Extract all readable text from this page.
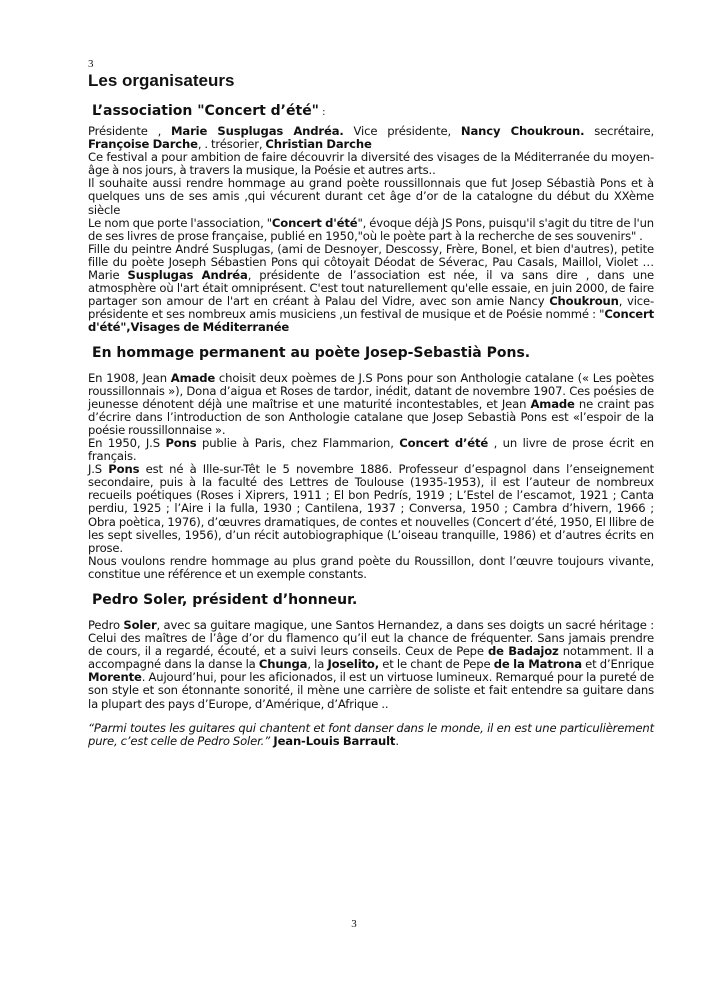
3
Les organisateurs
L’association "Concert d’été" :

Présidente , Marie Susplugas Andréa. Vice présidente, Nancy Choukroun. secrétaire, Françoise Darche, . trésorier, Christian Darche

Ce festival a pour ambition de faire découvrir la diversité des visages de la Méditerranée du moyen-âge à nos jours, à travers la musique, la Poésie et autres arts..

Il souhaite aussi rendre hommage au grand poète roussillonnais que fut Josep Sébastià Pons et à quelques uns de ses amis ,qui vécurent durant cet âge d’or de la catalogne du début du XXème siècle

Le nom que porte l'association, "Concert d'été", évoque déjà JS Pons, puisqu'il s'agit du titre de l'un de ses livres de prose française, publié en 1950,"où le poète part à la recherche de ses souvenirs" .

Fille du peintre André Susplugas, (ami de Desnoyer, Descossy, Frère, Bonel, et bien d'autres), petite fille du poète Joseph Sébastien Pons qui côtoyait Déodat de Séverac, Pau Casals, Maillol, Violet … Marie Susplugas Andréa, présidente de l’association est née, il va sans dire , dans une atmosphère où l'art était omniprésent. C'est tout naturellement qu'elle essaie, en juin 2000, de faire partager son amour de l'art en créant à Palau del Vidre, avec son amie Nancy Choukroun, vice-présidente et ses nombreux amis musiciens ,un festival de musique et de Poésie nommé : "Concert d'été",Visages de Méditerranée

En hommage permanent au poète Josep-Sebastià Pons.

En 1908, Jean Amade choisit deux poèmes de J.S Pons pour son Anthologie catalane (« Les poètes roussillonnais »), Dona d’aigua et Roses de tardor, inédit, datant de novembre 1907. Ces poésies de jeunesse dénotent déjà une maîtrise et une maturité incontestables, et Jean Amade ne craint pas d’écrire dans l’introduction de son Anthologie catalane que Josep Sebastià Pons est «l’espoir de la poésie roussillonnaise ».

En 1950, J.S Pons publie à Paris, chez Flammarion, Concert d’été , un livre de prose écrit en français.

J.S Pons est né à Ille-sur-Têt le 5 novembre 1886. Professeur d’espagnol dans l’enseignement secondaire, puis à la faculté des Lettres de Toulouse (1935-1953), il est l’auteur de nombreux recueils poétiques (Roses i Xiprers, 1911 ; El bon Pedrís, 1919 ; L’Estel de l’escamot, 1921 ; Canta perdiu, 1925 ; l’Aire i la fulla, 1930 ; Cantilena, 1937 ; Conversa, 1950 ; Cambra d’hivern, 1966 ; Obra poètica, 1976), d’œuvres dramatiques, de contes et nouvelles (Concert d’été, 1950, El llibre de les sept sivelles, 1956), d’un récit autobiographique (L’oiseau tranquille, 1986) et d’autres écrits en prose.

Nous voulons rendre hommage au plus grand poète du Roussillon, dont l’œuvre toujours vivante, constitue une référence et un exemple constants.

Pedro Soler, président d’honneur.

Pedro Soler, avec sa guitare magique, une Santos Hernandez, a dans ses doigts un sacré héritage : Celui des maîtres de l’âge d’or du flamenco qu’il eut la chance de fréquenter. Sans jamais prendre de cours, il a regardé, écouté, et a suivi leurs conseils. Ceux de Pepe de Badajoz notamment. Il a accompagné dans la danse la Chunga, la Joselito, et le chant de Pepe de la Matrona et d’Enrique Morente. Aujourd’hui, pour les aficionados, il est un virtuose lumineux. Remarqué pour la pureté de son style et son étonnante sonorité, il mène une carrière de soliste et fait entendre sa guitare dans la plupart des pays d’Europe, d’Amérique, d’Afrique ..

“Parmi toutes les guitares qui chantent et font danser dans le monde, il en est une particulièrement pure, c’est celle de Pedro Soler.” Jean-Louis Barrault.

3
